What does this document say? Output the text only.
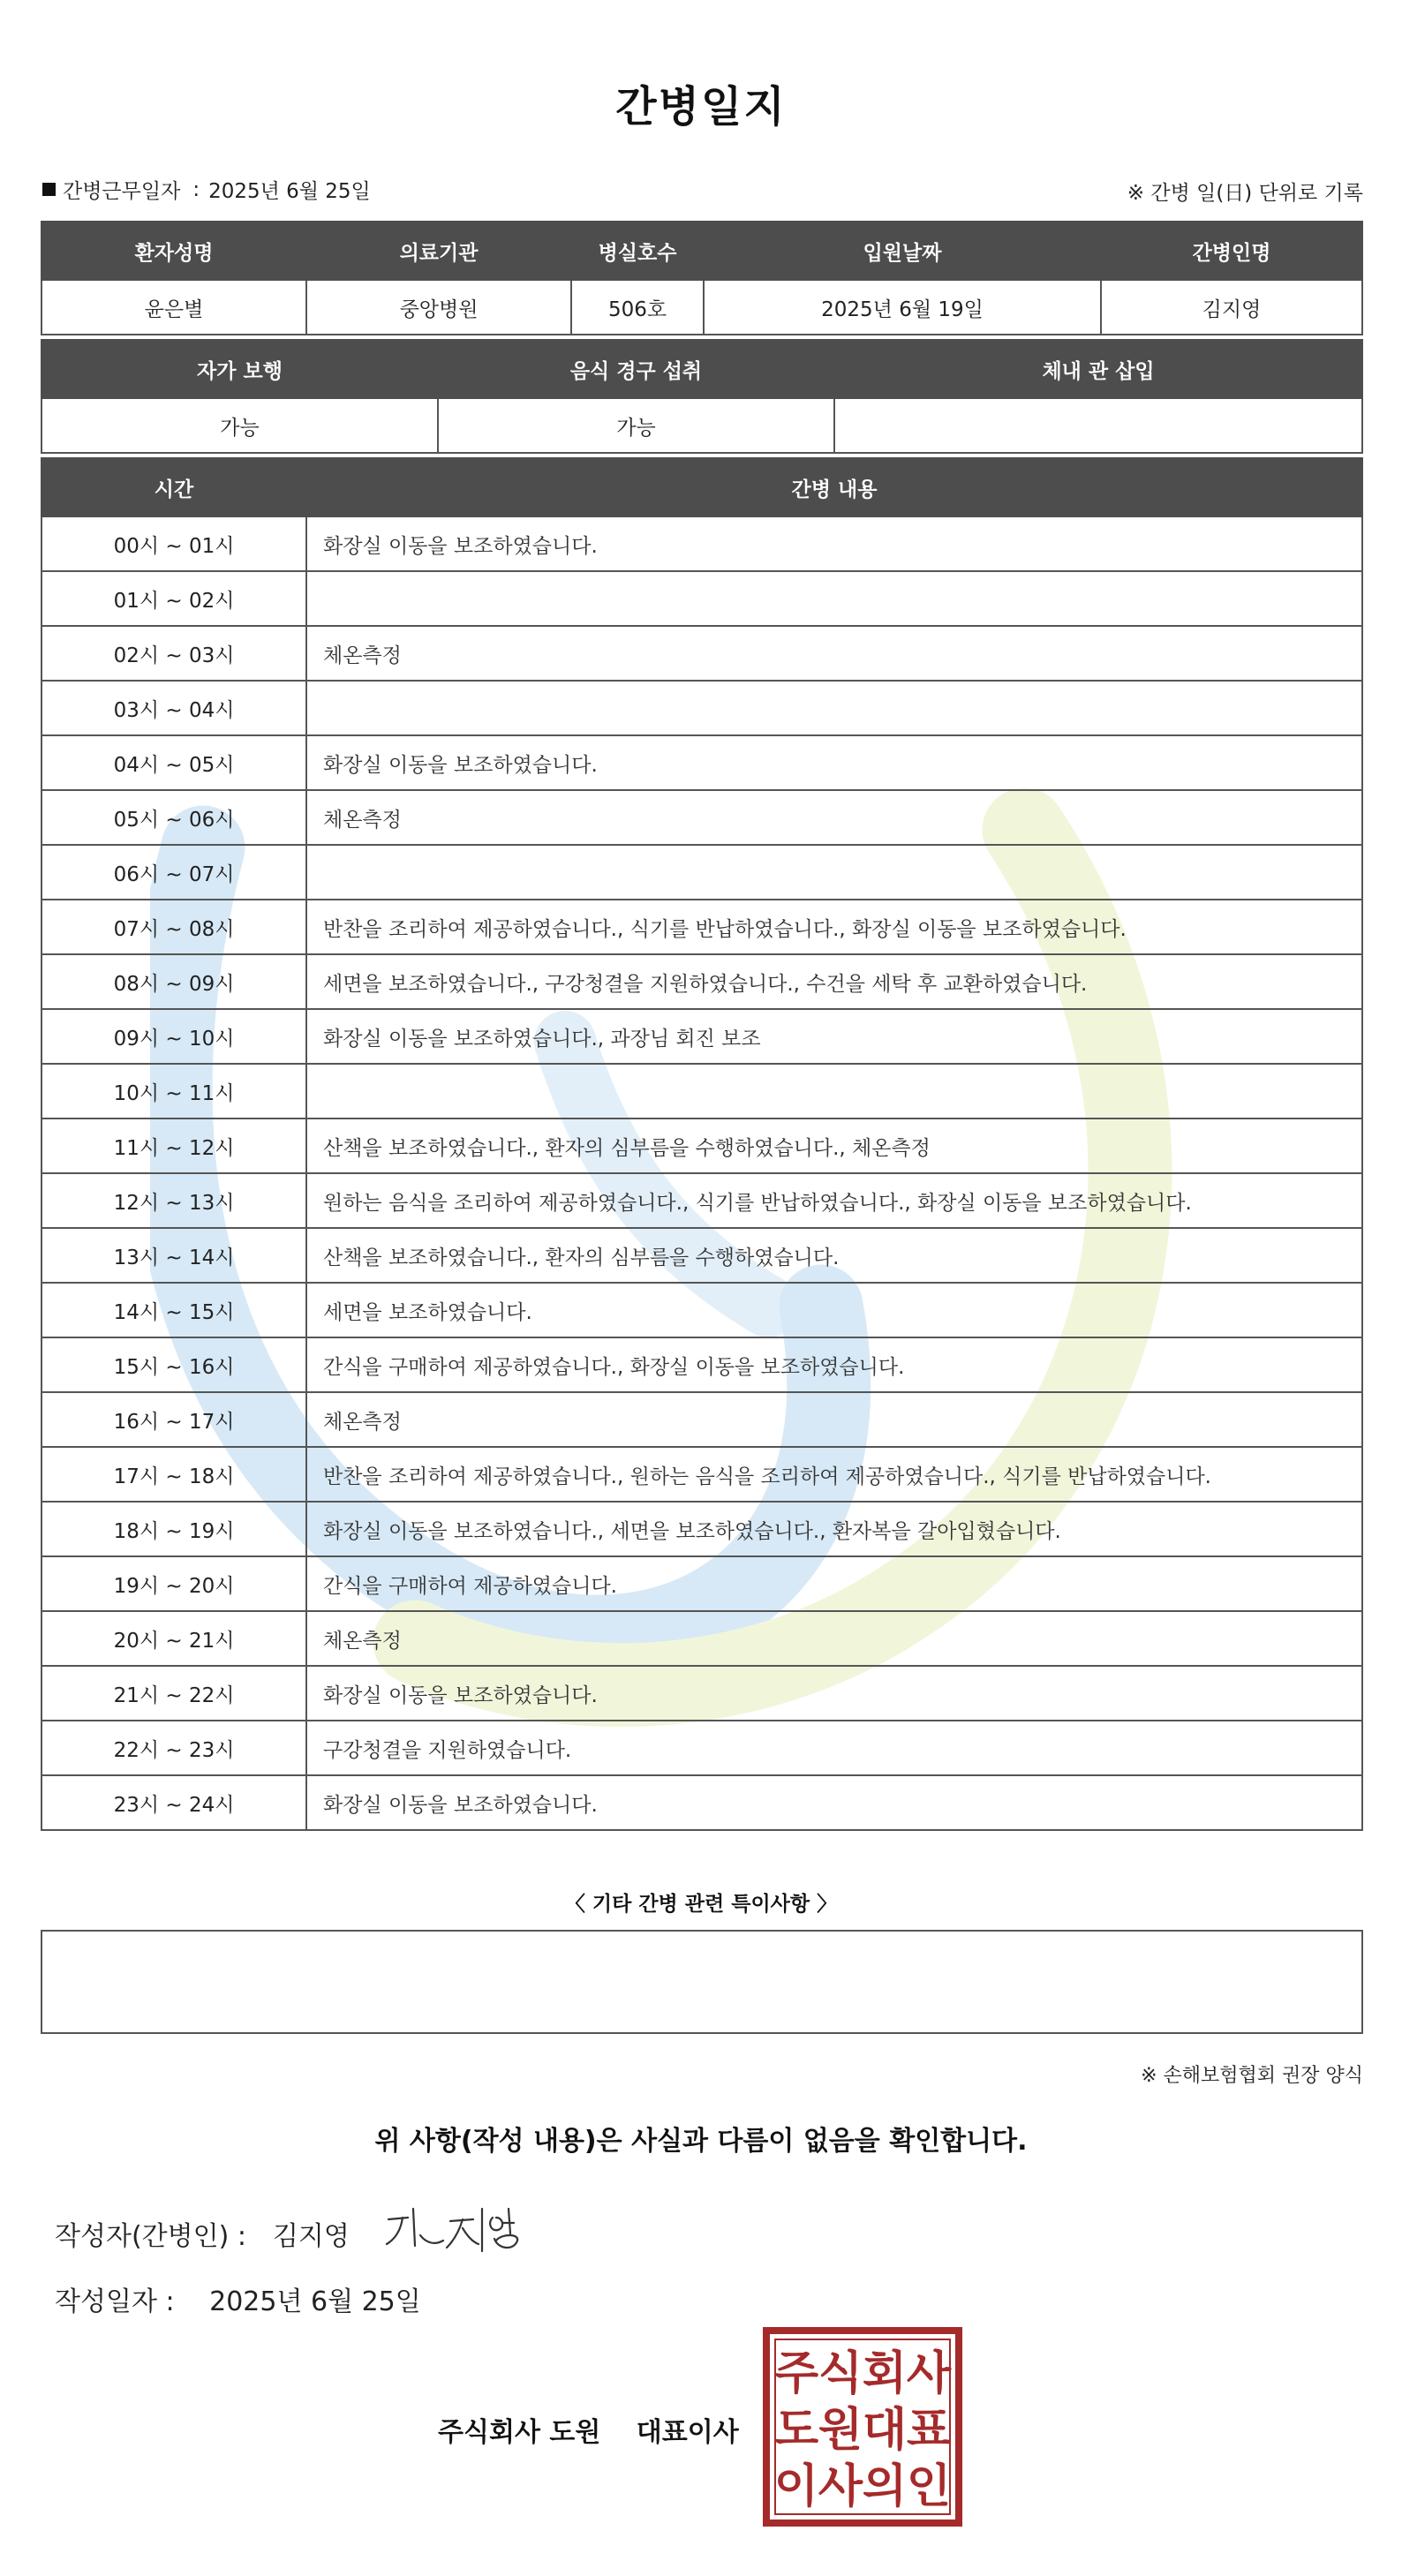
간병일지
간병근무일자 : 2025년 6월 25일	※ 간병 일(日) 단위로 기록
환자성명	의료기관	병실호수	입원날짜	간병인명
윤은별	중앙병원	506호	2025년 6월 19일	김지영
자가 보행	음식 경구 섭취	체내 관 삽입
가능	가능	
시간	간병 내용
00시 ~ 01시	화장실 이동을 보조하였습니다.
01시 ~ 02시	
02시 ~ 03시	체온측정
03시 ~ 04시	
04시 ~ 05시	화장실 이동을 보조하였습니다.
05시 ~ 06시	체온측정
06시 ~ 07시	
07시 ~ 08시	반찬을 조리하여 제공하였습니다., 식기를 반납하였습니다., 화장실 이동을 보조하였습니다.
08시 ~ 09시	세면을 보조하였습니다., 구강청결을 지원하였습니다., 수건을 세탁 후 교환하였습니다.
09시 ~ 10시	화장실 이동을 보조하였습니다., 과장님 회진 보조
10시 ~ 11시	
11시 ~ 12시	산책을 보조하였습니다., 환자의 심부름을 수행하였습니다., 체온측정
12시 ~ 13시	원하는 음식을 조리하여 제공하였습니다., 식기를 반납하였습니다., 화장실 이동을 보조하였습니다.
13시 ~ 14시	산책을 보조하였습니다., 환자의 심부름을 수행하였습니다.
14시 ~ 15시	세면을 보조하였습니다.
15시 ~ 16시	간식을 구매하여 제공하였습니다., 화장실 이동을 보조하였습니다.
16시 ~ 17시	체온측정
17시 ~ 18시	반찬을 조리하여 제공하였습니다., 원하는 음식을 조리하여 제공하였습니다., 식기를 반납하였습니다.
18시 ~ 19시	화장실 이동을 보조하였습니다., 세면을 보조하였습니다., 환자복을 갈아입혔습니다.
19시 ~ 20시	간식을 구매하여 제공하였습니다.
20시 ~ 21시	체온측정
21시 ~ 22시	화장실 이동을 보조하였습니다.
22시 ~ 23시	구강청결을 지원하였습니다.
23시 ~ 24시	화장실 이동을 보조하였습니다.
〈 기타 간병 관련 특이사항 〉
※ 손해보험협회 권장 양식
위 사항(작성 내용)은 사실과 다름이 없음을 확인합니다.
작성자(간병인) : 김지영
작성일자 : 2025년 6월 25일
주식회사 도원 대표이사
주 식 회 사
도 원 대 표
이 사 의 인
